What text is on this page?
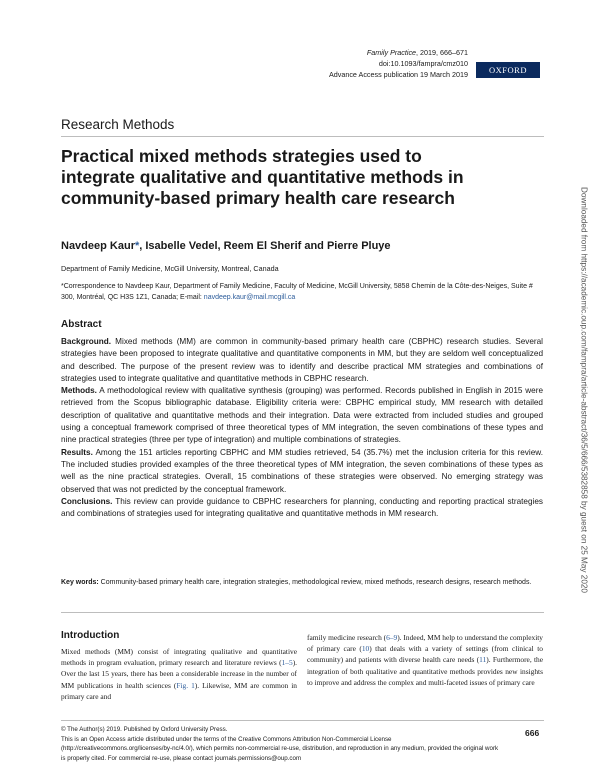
Family Practice, 2019, 666–671
doi:10.1093/fampra/cmz010
Advance Access publication 19 March 2019	OXFORD
Research Methods
Practical mixed methods strategies used to integrate qualitative and quantitative methods in community-based primary health care research
Navdeep Kaur*, Isabelle Vedel, Reem El Sherif and Pierre Pluye
Department of Family Medicine, McGill University, Montreal, Canada
*Correspondence to Navdeep Kaur, Department of Family Medicine, Faculty of Medicine, McGill University, 5858 Chemin de la Côte-des-Neiges, Suite # 300, Montréal, QC H3S 1Z1, Canada; E-mail: navdeep.kaur@mail.mcgill.ca
Abstract

Background. Mixed methods (MM) are common in community-based primary health care (CBPHC) research studies. Several strategies have been proposed to integrate qualitative and quantitative components in MM, but they are seldom well conceptualized and described. The purpose of the present review was to identify and describe practical MM strategies and combinations of strategies used to integrate qualitative and quantitative methods in CBPHC research.

Methods. A methodological review with qualitative synthesis (grouping) was performed. Records published in English in 2015 were retrieved from the Scopus bibliographic database. Eligibility criteria were: CBPHC empirical study, MM research with detailed description of qualitative and quantitative methods and their integration. Data were extracted from included studies and grouped using a conceptual framework comprised of three theoretical types of MM integration, the seven combinations of these types and nine practical strategies (three per type of integration) and multiple combinations of strategies.

Results. Among the 151 articles reporting CBPHC and MM studies retrieved, 54 (35.7%) met the inclusion criteria for this review. The included studies provided examples of the three theoretical types of MM integration, the seven combinations of these types as well as the nine practical strategies. Overall, 15 combinations of these strategies were observed. No emerging strategy was observed that was not predicted by the conceptual framework.

Conclusions. This review can provide guidance to CBPHC researchers for planning, conducting and reporting practical strategies and combinations of strategies used for integrating qualitative and quantitative methods in MM research.

Key words: Community-based primary health care, integration strategies, methodological review, mixed methods, research designs, research methods.
Introduction
Mixed methods (MM) consist of integrating qualitative and quantitative methods in program evaluation, primary research and literature reviews (1–5). Over the last 15 years, there has been a considerable increase in the number of MM publications in health sciences (Fig. 1). Likewise, MM are common in primary care and
family medicine research (6–9). Indeed, MM help to understand the complexity of primary care (10) that deals with a variety of settings (from clinical to community) and patients with diverse health care needs (11). Furthermore, the integration of both qualitative and quantitative methods provides new insights to improve and address the complex and multi-faceted issues of primary care
© The Author(s) 2019. Published by Oxford University Press.
This is an Open Access article distributed under the terms of the Creative Commons Attribution Non-Commercial License (http://creativecommons.org/licenses/by-nc/4.0/), which permits non-commercial re-use, distribution, and reproduction in any medium, provided the original work is properly cited. For commercial re-use, please contact journals.permissions@oup.com
666
Downloaded from https://academic.oup.com/fampra/article-abstract/36/5/666/5382858 by guest on 25 May 2020
